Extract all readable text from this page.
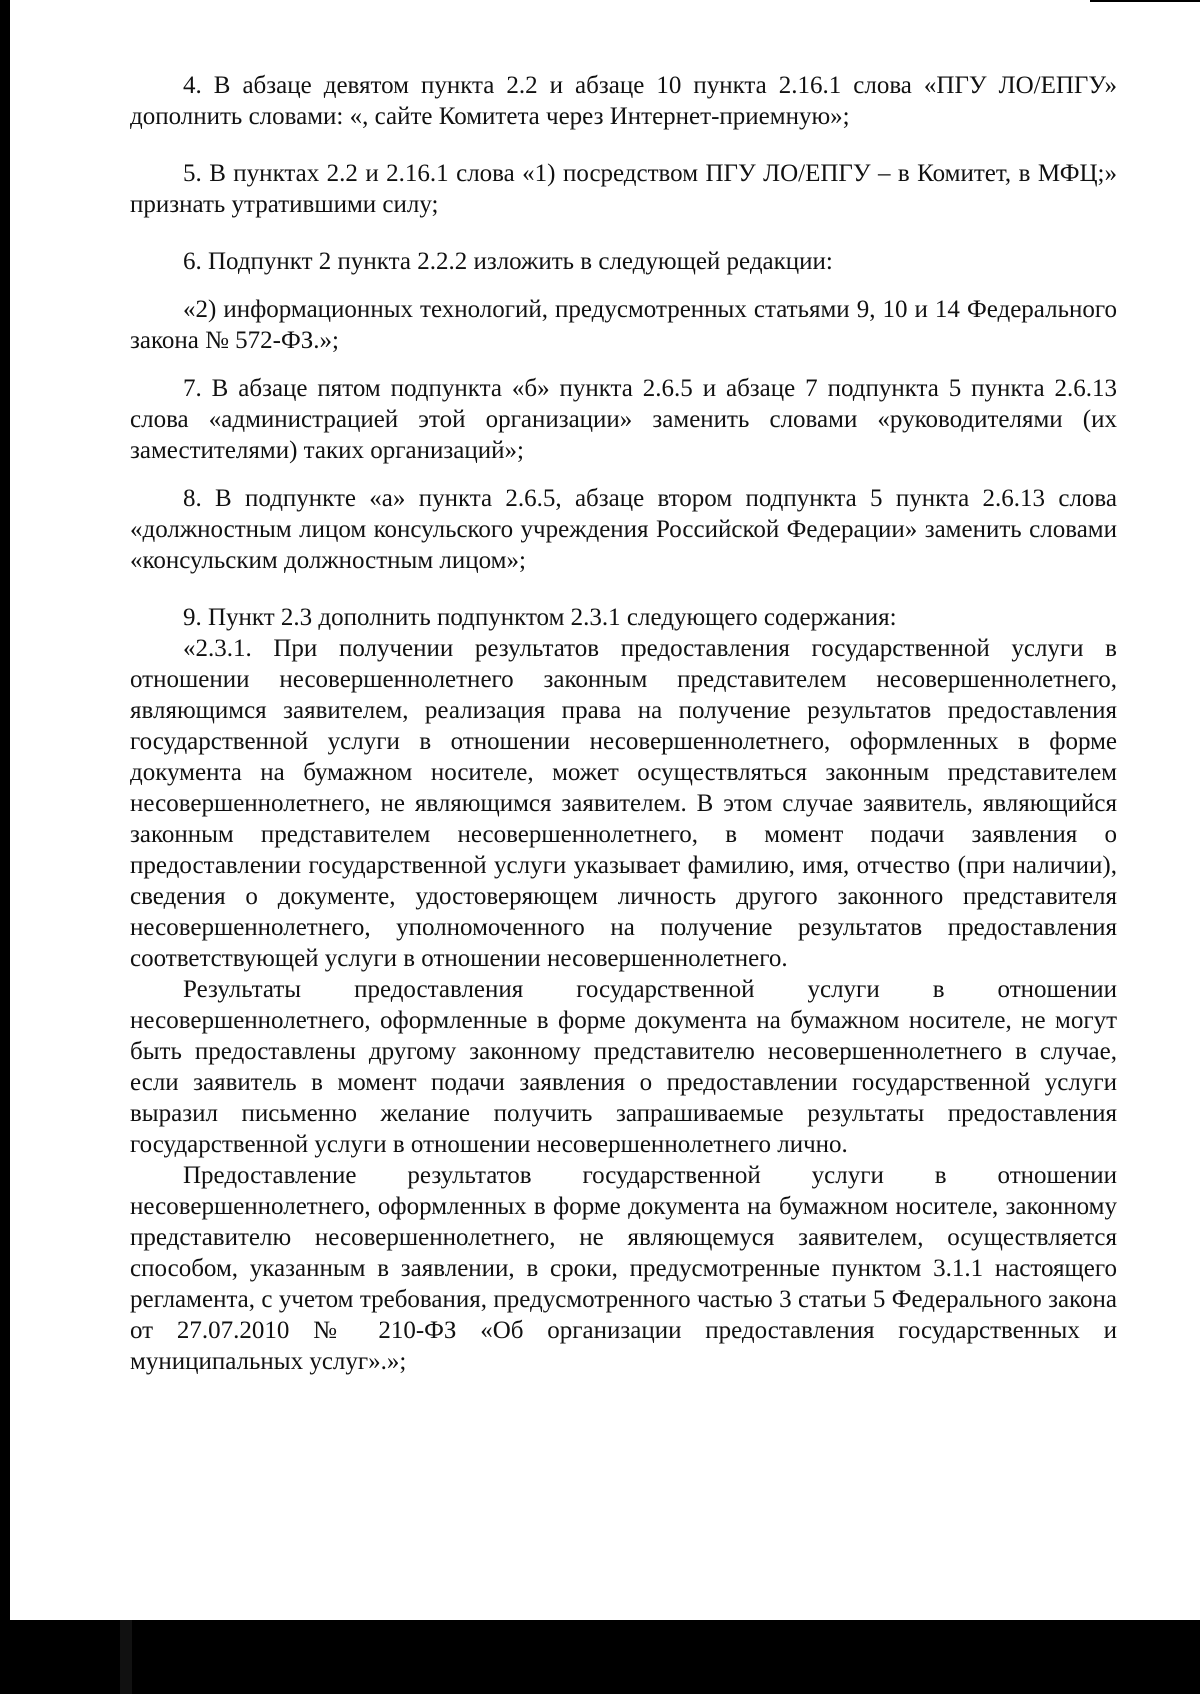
4. В абзаце девятом пункта 2.2 и абзаце 10 пункта 2.16.1 слова «ПГУ ЛО/ЕПГУ» дополнить словами: «, сайте Комитета через Интернет-приемную»;

5. В пунктах 2.2 и 2.16.1 слова «1) посредством ПГУ ЛО/ЕПГУ – в Комитет, в МФЦ;» признать утратившими силу;

6. Подпункт 2 пункта 2.2.2 изложить в следующей редакции:

«2) информационных технологий, предусмотренных статьями 9, 10 и 14 Федерального закона № 572-ФЗ.»;

7. В абзаце пятом подпункта «б» пункта 2.6.5 и абзаце 7 подпункта 5 пункта 2.6.13 слова «администрацией этой организации» заменить словами «руководителями (их заместителями) таких организаций»;

8. В подпункте «а» пункта 2.6.5, абзаце втором подпункта 5 пункта 2.6.13 слова «должностным лицом консульского учреждения Российской Федерации» заменить словами «консульским должностным лицом»;

9. Пункт 2.3 дополнить подпунктом 2.3.1 следующего содержания:

«2.3.1. При получении результатов предоставления государственной услуги в отношении несовершеннолетнего законным представителем несовершеннолетнего, являющимся заявителем, реализация права на получение результатов предоставления государственной услуги в отношении несовершеннолетнего, оформленных в форме документа на бумажном носителе, может осуществляться законным представителем несовершеннолетнего, не являющимся заявителем. В этом случае заявитель, являющийся законным представителем несовершеннолетнего, в момент подачи заявления о предоставлении государственной услуги указывает фамилию, имя, отчество (при наличии), сведения о документе, удостоверяющем личность другого законного представителя несовершеннолетнего, уполномоченного на получение результатов предоставления соответствующей услуги в отношении несовершеннолетнего.

Результаты предоставления государственной услуги в отношении несовершеннолетнего, оформленные в форме документа на бумажном носителе, не могут быть предоставлены другому законному представителю несовершеннолетнего в случае, если заявитель в момент подачи заявления о предоставлении государственной услуги выразил письменно желание получить запрашиваемые результаты предоставления государственной услуги в отношении несовершеннолетнего лично.

Предоставление результатов государственной услуги в отношении несовершеннолетнего, оформленных в форме документа на бумажном носителе, законному представителю несовершеннолетнего, не являющемуся заявителем, осуществляется способом, указанным в заявлении, в сроки, предусмотренные пунктом 3.1.1 настоящего регламента, с учетом требования, предусмотренного частью 3 статьи 5 Федерального закона от 27.07.2010 № 210-ФЗ «Об организации предоставления государственных и муниципальных услуг».»;
